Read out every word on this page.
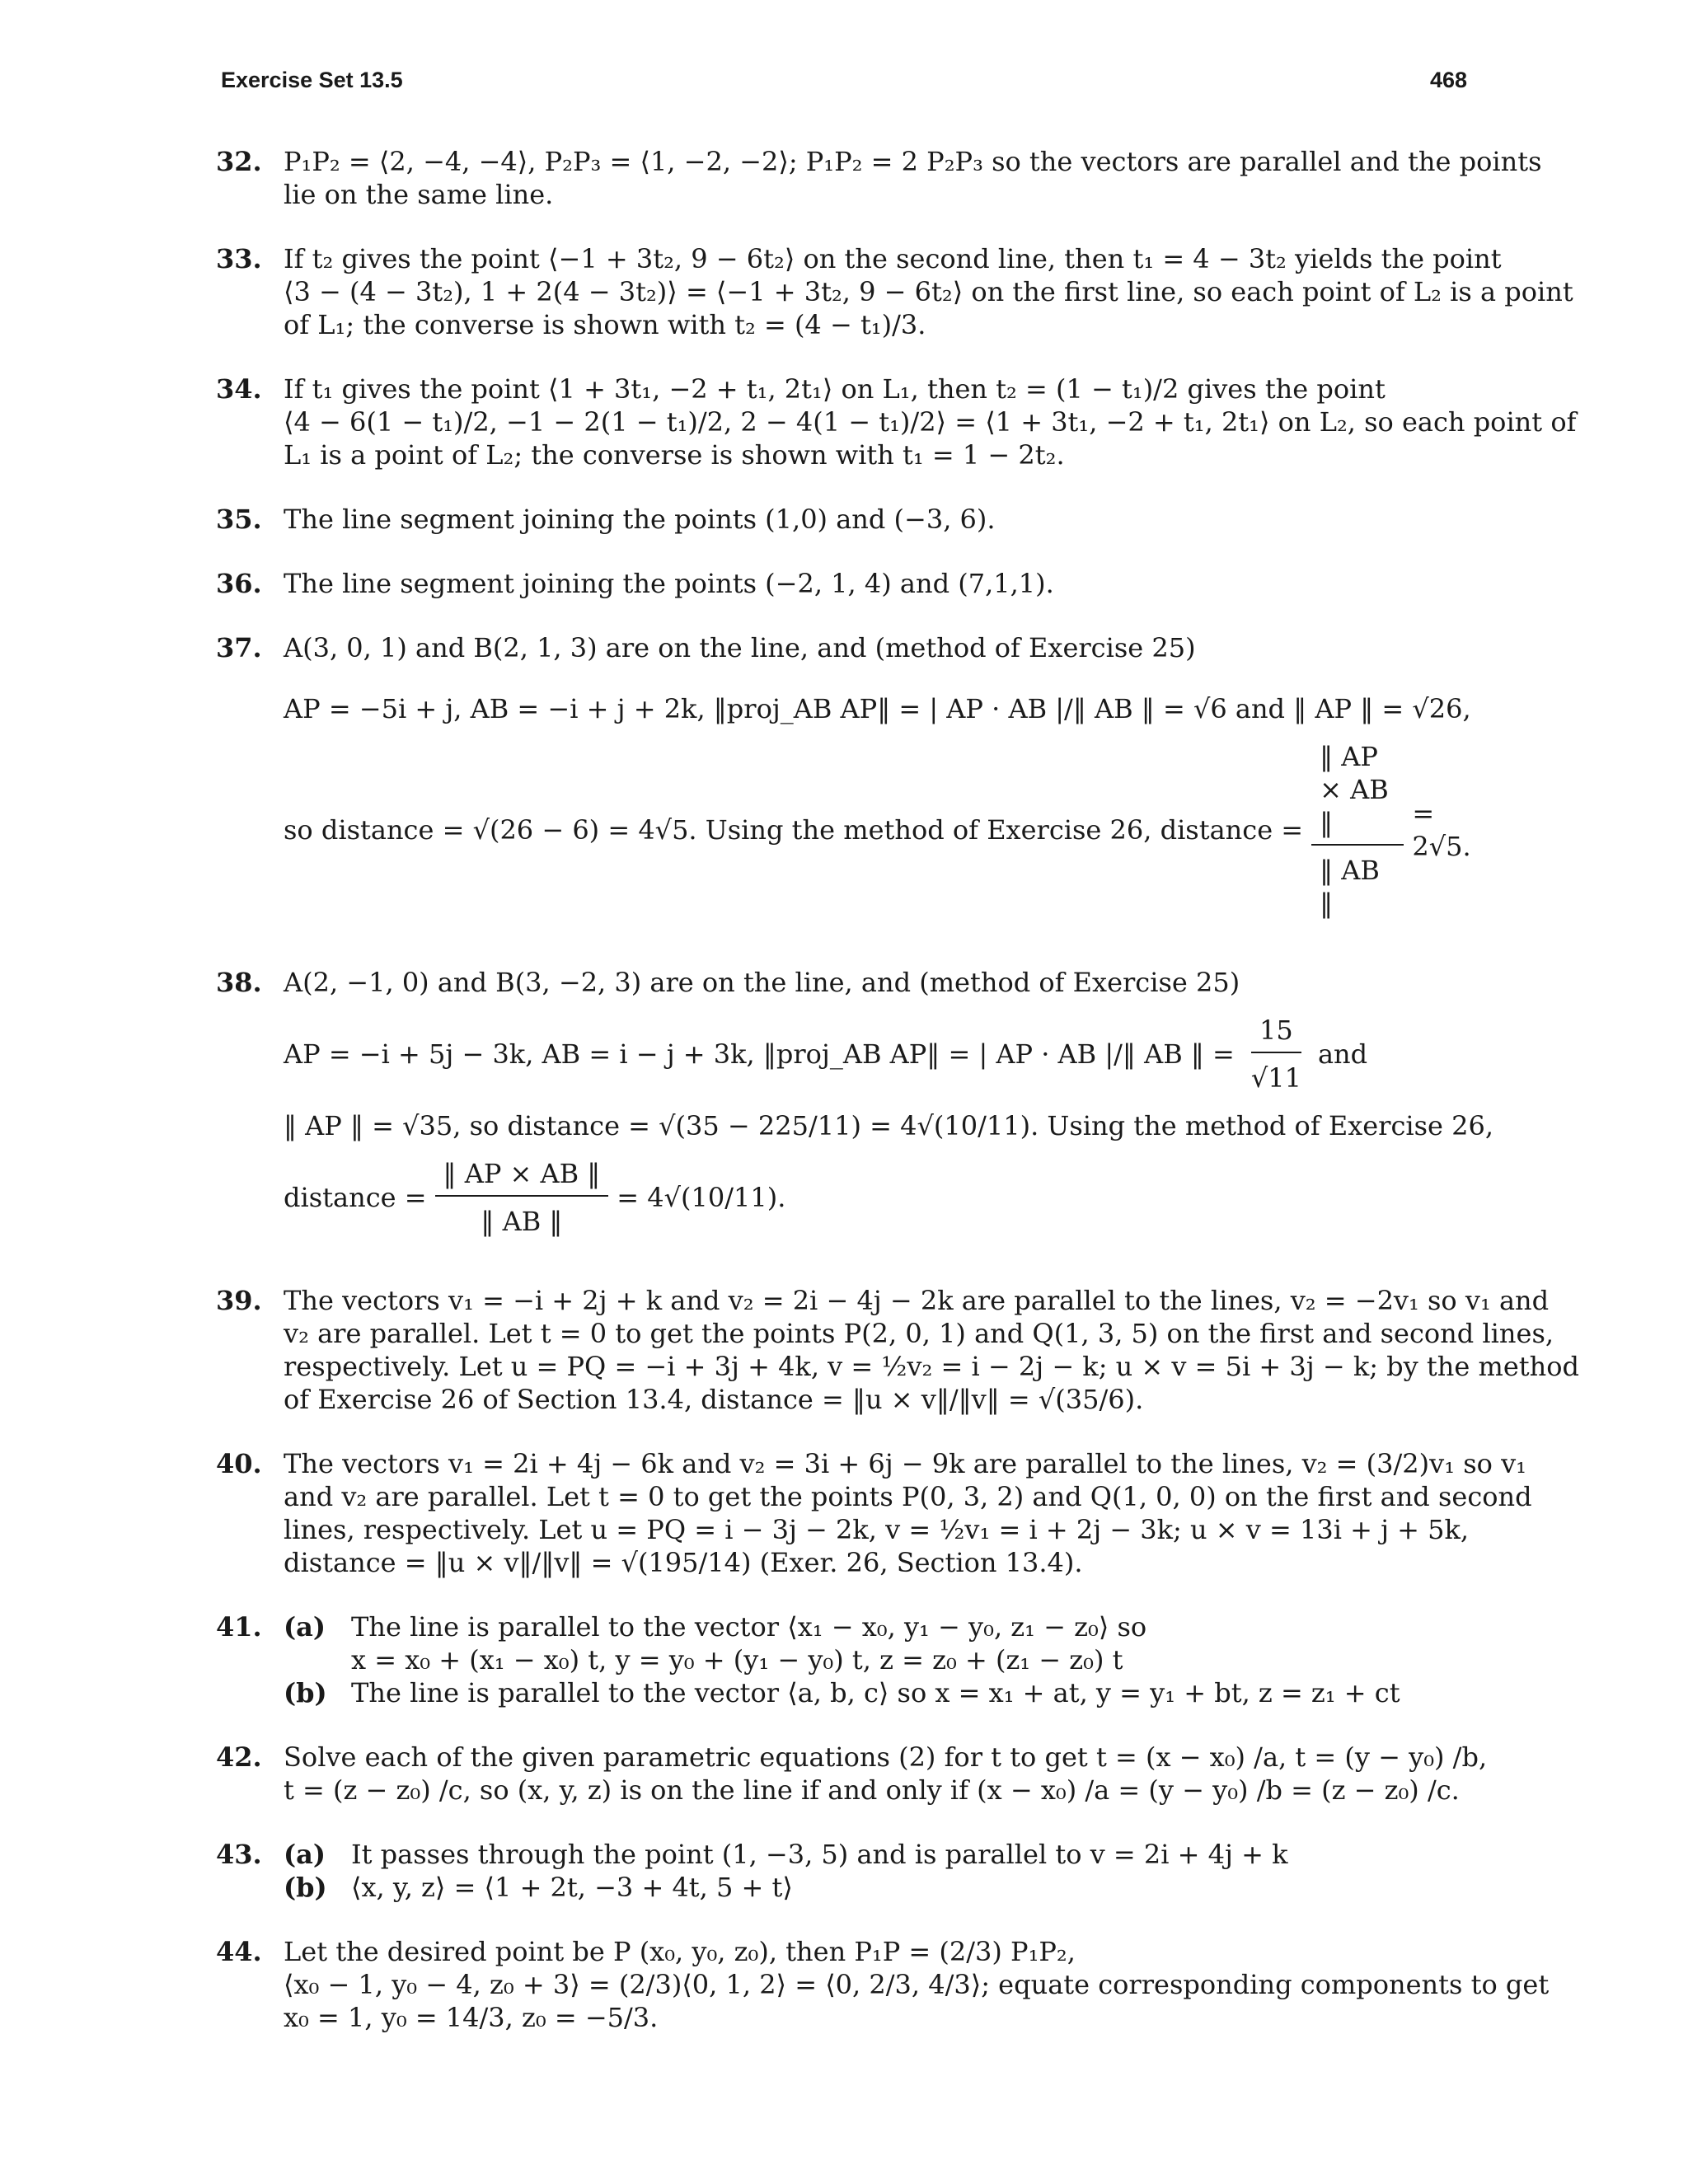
Exercise Set 13.5	468
32. P₁P₂ = ⟨2, −4, −4⟩, P₂P₃ = ⟨1, −2, −2⟩; P₁P₂ = 2 P₂P₃ so the vectors are parallel and the points
lie on the same line.
33. If t₂ gives the point ⟨−1 + 3t₂, 9 − 6t₂⟩ on the second line, then t₁ = 4 − 3t₂ yields the point
⟨3 − (4 − 3t₂), 1 + 2(4 − 3t₂)⟩ = ⟨−1 + 3t₂, 9 − 6t₂⟩ on the first line, so each point of L₂ is a point
of L₁; the converse is shown with t₂ = (4 − t₁)/3.
34. If t₁ gives the point ⟨1 + 3t₁, −2 + t₁, 2t₁⟩ on L₁, then t₂ = (1 − t₁)/2 gives the point
⟨4 − 6(1 − t₁)/2, −1 − 2(1 − t₁)/2, 2 − 4(1 − t₁)/2⟩ = ⟨1 + 3t₁, −2 + t₁, 2t₁⟩ on L₂, so each point of
L₁ is a point of L₂; the converse is shown with t₁ = 1 − 2t₂.
35. The line segment joining the points (1,0) and (−3, 6).
36. The line segment joining the points (−2, 1, 4) and (7,1,1).
37. A(3, 0, 1) and B(2, 1, 3) are on the line, and (method of Exercise 25)
AP = −5i + j, AB = −i + j + 2k, ‖proj_AB AP‖ = | AP · AB |/‖ AB ‖ = √6 and ‖ AP ‖ = √26,
so distance = √(26 − 6) = 4√5. Using the method of Exercise 26, distance = $\frac{‖ AP \times AB ‖}{‖ AB ‖} = 2√5$.
38. A(2, −1, 0) and B(3, −2, 3) are on the line, and (method of Exercise 25)
AP = −i + 5j − 3k, AB = i − j + 3k, ‖proj_AB AP‖ = | AP · AB |/‖ AB ‖ = $\frac{15}{√11}$ and
‖ AP ‖ = √35, so distance = √(35 − 225/11) = 4√(10/11). Using the method of Exercise 26,
distance = $\frac{‖ AP \times AB ‖}{‖ AB ‖} = 4√(10/11)$.
39. The vectors v₁ = −i + 2j + k and v₂ = 2i − 4j − 2k are parallel to the lines, v₂ = −2v₁ so v₁ and
v₂ are parallel. Let t = 0 to get the points P(2, 0, 1) and Q(1, 3, 5) on the first and second lines,
respectively. Let u = PQ = −i + 3j + 4k, v = ½v₂ = i − 2j − k; u × v = 5i + 3j − k; by the method
of Exercise 26 of Section 13.4, distance = ‖u × v‖/‖v‖ = √(35/6).
40. The vectors v₁ = 2i + 4j − 6k and v₂ = 3i + 6j − 9k are parallel to the lines, v₂ = (3/2)v₁ so v₁
and v₂ are parallel. Let t = 0 to get the points P(0, 3, 2) and Q(1, 0, 0) on the first and second
lines, respectively. Let u = PQ = i − 3j − 2k, v = ½v₁ = i + 2j − 3k; u × v = 13i + j + 5k,
distance = ‖u × v‖/‖v‖ = √(195/14) (Exer. 26, Section 13.4).
41. (a) The line is parallel to the vector ⟨x₁ − x₀, y₁ − y₀, z₁ − z₀⟩ so
x = x₀ + (x₁ − x₀) t, y = y₀ + (y₁ − y₀) t, z = z₀ + (z₁ − z₀) t
(b) The line is parallel to the vector ⟨a, b, c⟩ so x = x₁ + at, y = y₁ + bt, z = z₁ + ct
42. Solve each of the given parametric equations (2) for t to get t = (x − x₀) /a, t = (y − y₀) /b,
t = (z − z₀) /c, so (x, y, z) is on the line if and only if (x − x₀) /a = (y − y₀) /b = (z − z₀) /c.
43. (a) It passes through the point (1, −3, 5) and is parallel to v = 2i + 4j + k
(b) ⟨x, y, z⟩ = ⟨1 + 2t, −3 + 4t, 5 + t⟩
44. Let the desired point be P (x₀, y₀, z₀), then P₁P = (2/3) P₁P₂,
⟨x₀ − 1, y₀ − 4, z₀ + 3⟩ = (2/3)⟨0, 1, 2⟩ = ⟨0, 2/3, 4/3⟩; equate corresponding components to get
x₀ = 1, y₀ = 14/3, z₀ = −5/3.
